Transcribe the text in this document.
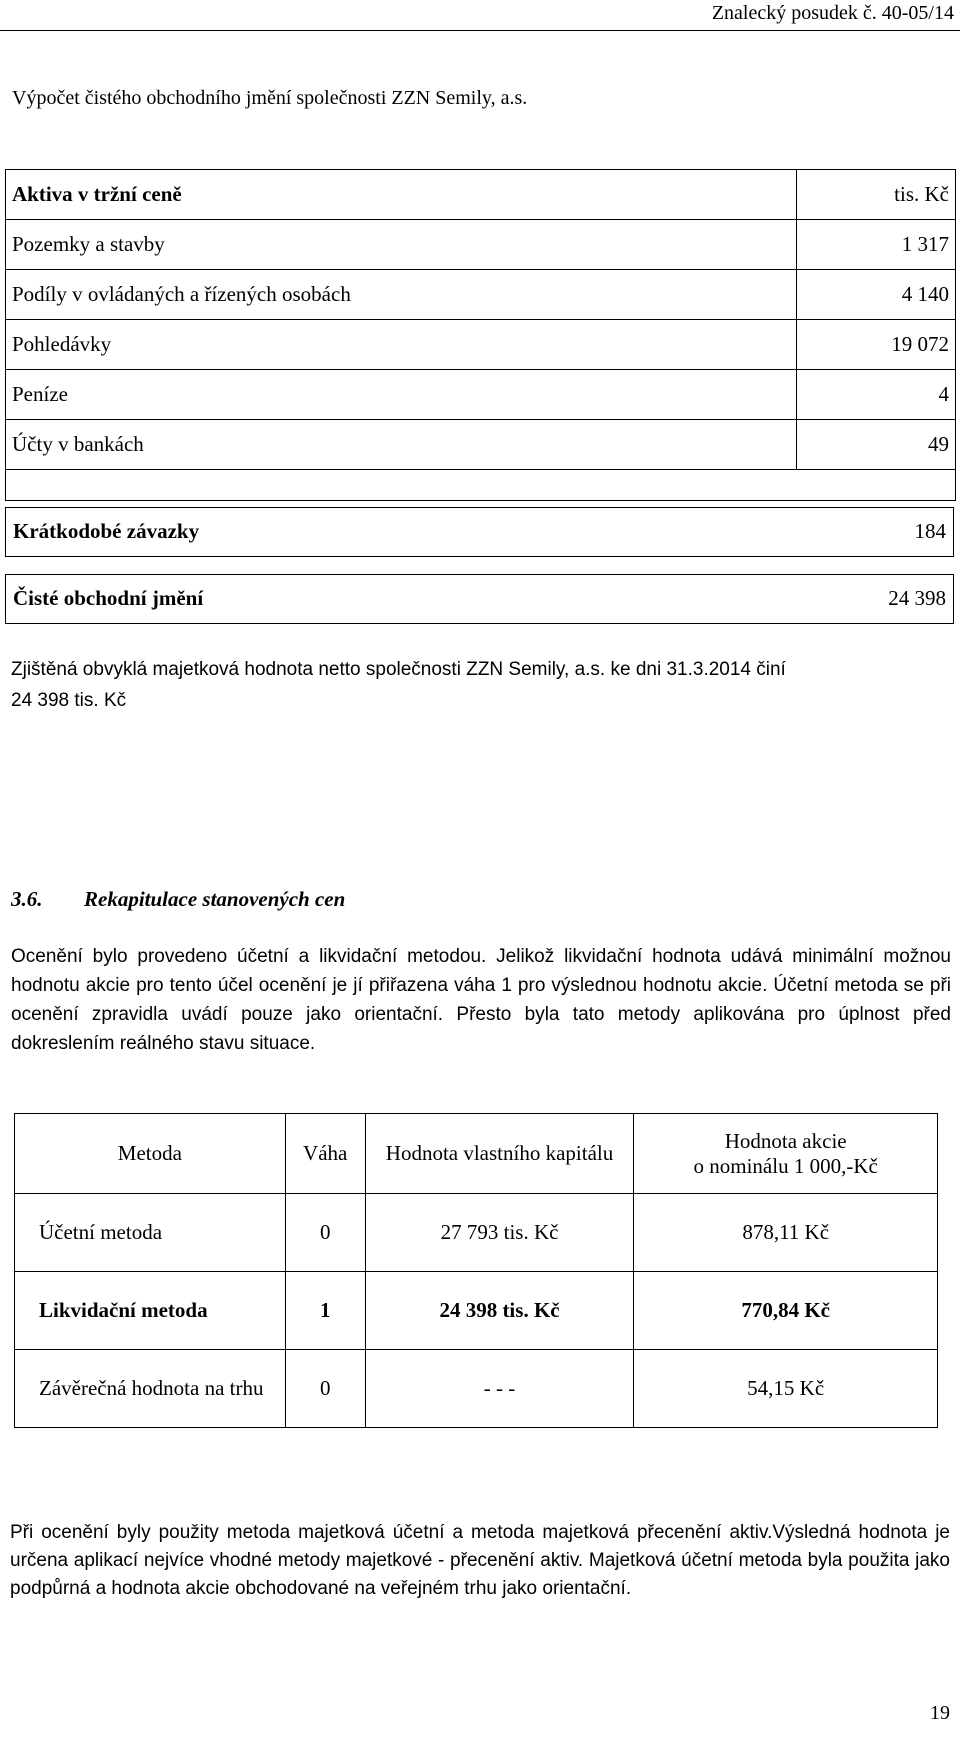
Znalecký posudek č. 40-05/14
Výpočet čistého obchodního jmění společnosti ZZN Semily, a.s.
Aktiva v tržní ceně	tis. Kč
Pozemky a stavby	1 317
Podíly v ovládaných a řízených osobách	4 140
Pohledávky	19 072
Peníze	4
Účty v bankách	49

Krátkodobé závazky	184
Čisté obchodní jmění	24 398
Zjištěná obvyklá majetková hodnota netto společnosti ZZN Semily, a.s. ke dni 31.3.2014 činí
24 398 tis. Kč
3.6. Rekapitulace stanovených cen
Ocenění bylo provedeno účetní a likvidační metodou. Jelikož likvidační hodnota udává minimální možnou hodnotu akcie pro tento účel ocenění je jí přiřazena váha 1 pro výslednou hodnotu akcie. Účetní metoda se při ocenění zpravidla uvádí pouze jako orientační. Přesto byla tato metody aplikována pro úplnost před dokreslením reálného stavu situace.
Metoda	Váha	Hodnota vlastního kapitálu	Hodnota akcie
o nominálu 1 000,-Kč

Účetní metoda	0	27 793 tis. Kč	878,11 Kč
Likvidační metoda	1	24 398 tis. Kč	770,84 Kč
Závěrečná hodnota na trhu	0	- - -	54,15 Kč
Při ocenění byly použity metoda majetková účetní a metoda majetková přecenění aktiv.Výsledná hodnota je určena aplikací nejvíce vhodné metody majetkové - přecenění aktiv. Majetková účetní metoda byla použita jako podpůrná a hodnota akcie obchodované na veřejném trhu jako orientační.
19
